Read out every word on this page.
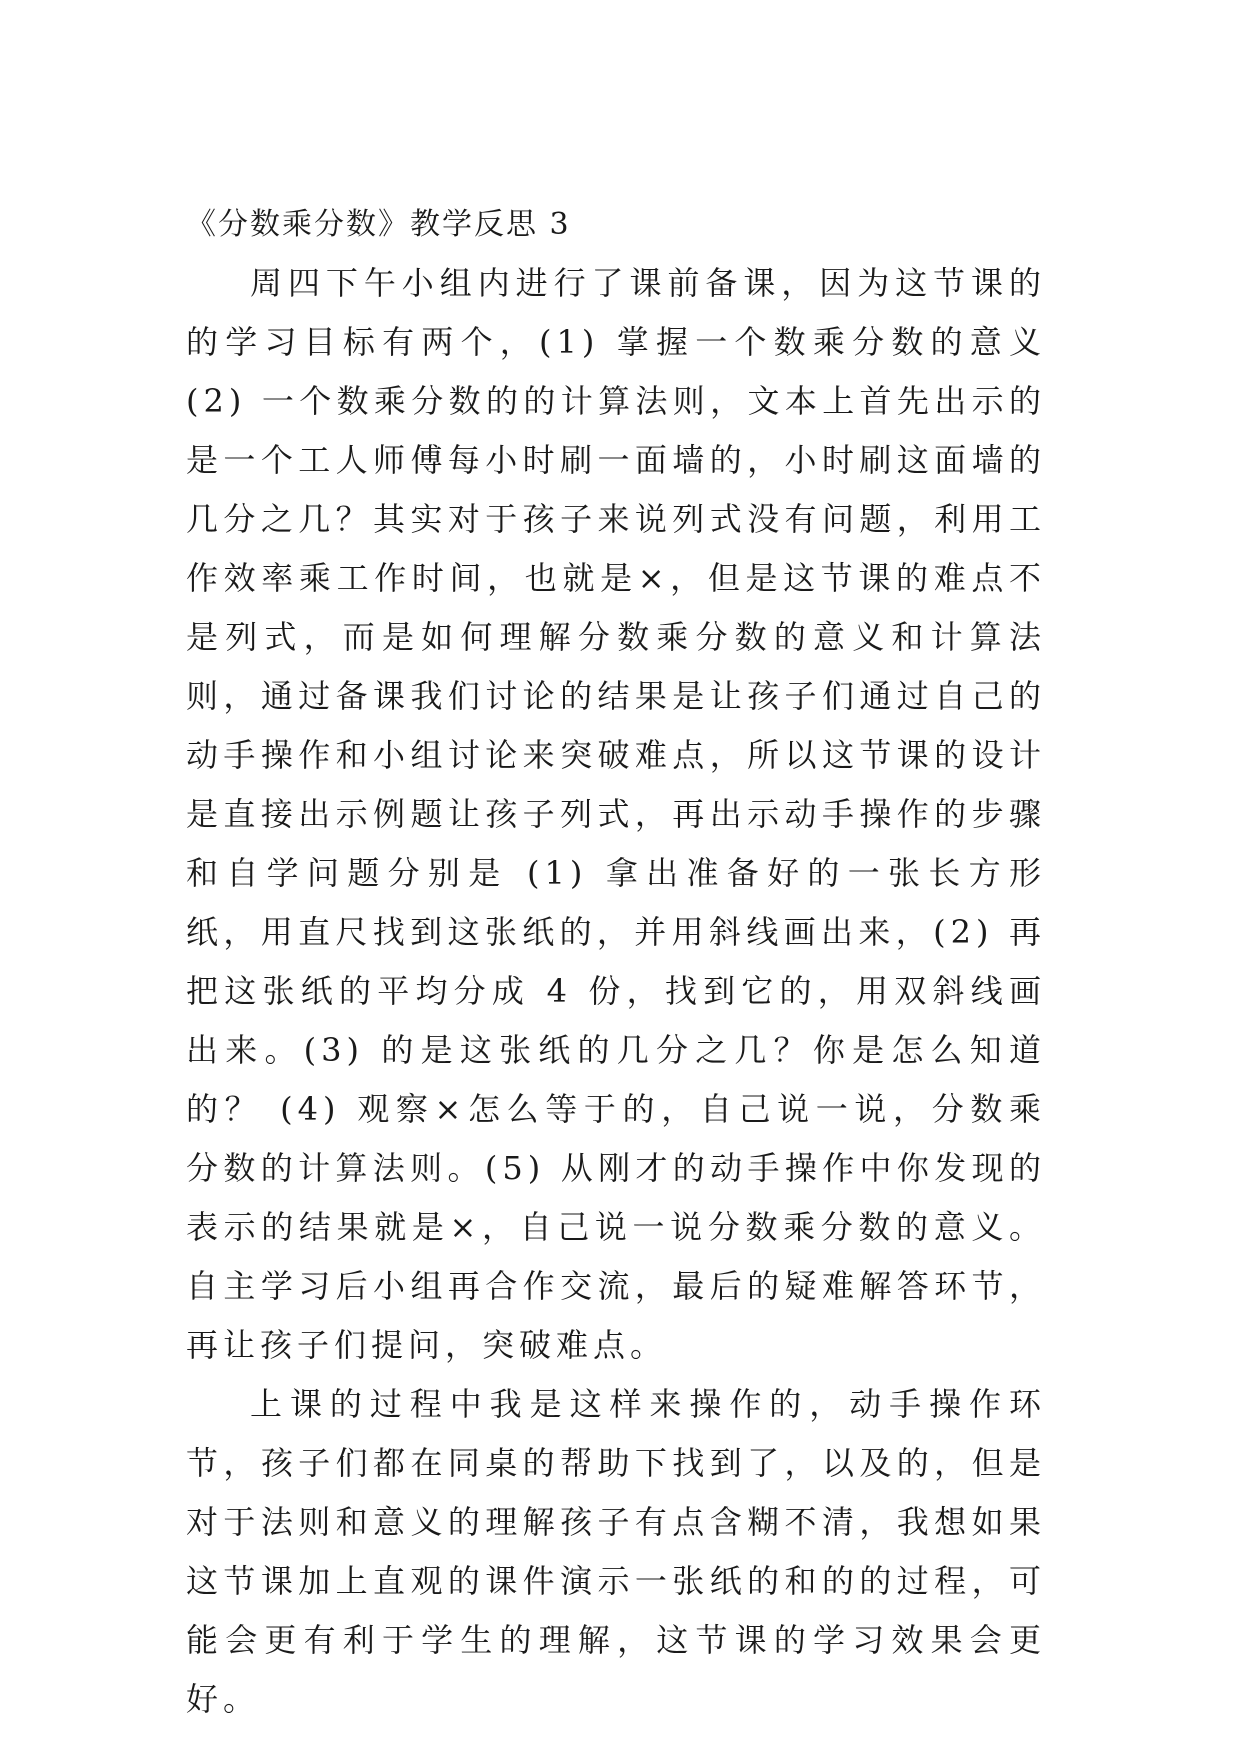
《分数乘分数》教学反思 3

周四下午小组内进行了课前备课，因为这节课的的学习目标有两个，(1) 掌握一个数乘分数的意义 (2) 一个数乘分数的的计算法则，文本上首先出示的是一个工人师傅每小时刷一面墙的，小时刷这面墙的几分之几？其实对于孩子来说列式没有问题，利用工作效率乘工作时间，也就是×，但是这节课的难点不是列式，而是如何理解分数乘分数的意义和计算法则，通过备课我们讨论的结果是让孩子们通过自己的动手操作和小组讨论来突破难点，所以这节课的设计是直接出示例题让孩子列式，再出示动手操作的步骤和自学问题分别是 (1) 拿出准备好的一张长方形纸，用直尺找到这张纸的，并用斜线画出来，(2) 再把这张纸的平均分成 4 份，找到它的，用双斜线画出来。(3) 的是这张纸的几分之几？你是怎么知道的？ (4) 观察×怎么等于的，自己说一说，分数乘分数的计算法则。(5) 从刚才的动手操作中你发现的表示的结果就是×，自己说一说分数乘分数的意义。自主学习后小组再合作交流，最后的疑难解答环节，再让孩子们提问，突破难点。

上课的过程中我是这样来操作的，动手操作环节，孩子们都在同桌的帮助下找到了，以及的，但是对于法则和意义的理解孩子有点含糊不清，我想如果这节课加上直观的课件演示一张纸的和的的过程，可能会更有利于学生的理解，这节课的学习效果会更好。
